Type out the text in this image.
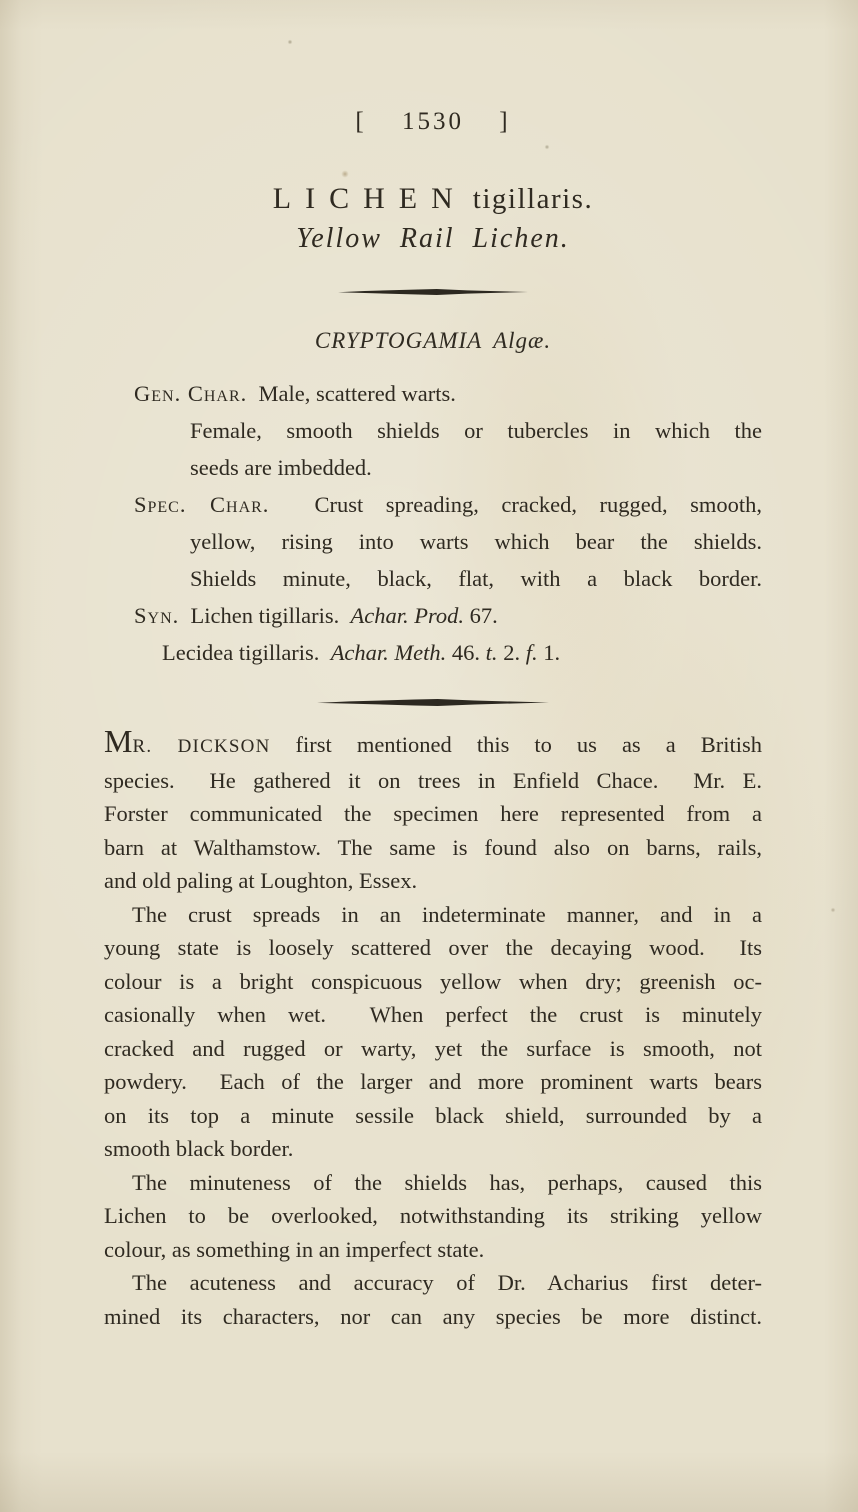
[ 1530 ]
LICHEN tigillaris.
Yellow Rail Lichen.
CRYPTOGAMIA Algæ.
Gen. Char.  Male, scattered warts.
Female, smooth shields or tubercles in which the
seeds are imbedded.
Spec. Char.  Crust spreading, cracked, rugged, smooth,
yellow, rising into warts which bear the shields.
Shields minute, black, flat, with a black border.
Syn.  Lichen tigillaris.  Achar. Prod. 67.
Lecidea tigillaris.  Achar. Meth. 46. t. 2. f. 1.
MR. DICKSON first mentioned this to us as a British
species.  He gathered it on trees in Enfield Chace.  Mr. E.
Forster communicated the specimen here represented from a
barn at Walthamstow. The same is found also on barns, rails,
and old paling at Loughton, Essex.
The crust spreads in an indeterminate manner, and in a
young state is loosely scattered over the decaying wood.  Its
colour is a bright conspicuous yellow when dry; greenish oc-
casionally when wet.  When perfect the crust is minutely
cracked and rugged or warty, yet the surface is smooth, not
powdery.  Each of the larger and more prominent warts bears
on its top a minute sessile black shield, surrounded by a
smooth black border.
The minuteness of the shields has, perhaps, caused this
Lichen to be overlooked, notwithstanding its striking yellow
colour, as something in an imperfect state.
The acuteness and accuracy of Dr. Acharius first deter-
mined its characters, nor can any species be more distinct.
